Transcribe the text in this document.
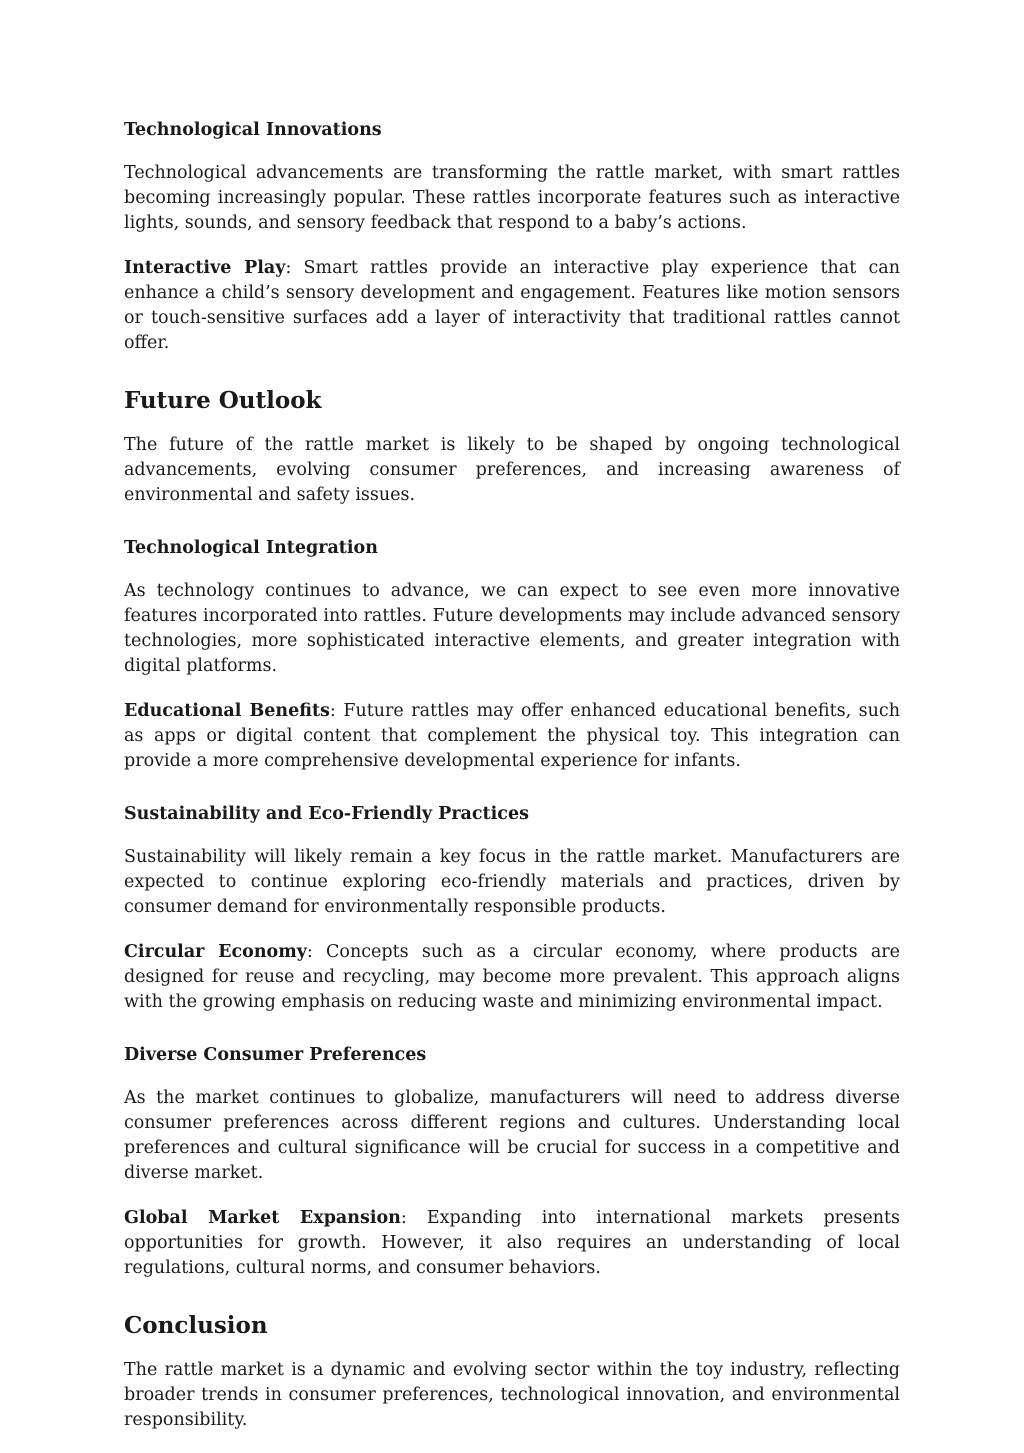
Technological Innovations

Technological advancements are transforming the rattle market, with smart rattles becoming increasingly popular. These rattles incorporate features such as interactive lights, sounds, and sensory feedback that respond to a baby’s actions.

Interactive Play: Smart rattles provide an interactive play experience that can enhance a child’s sensory development and engagement. Features like motion sensors or touch-sensitive surfaces add a layer of interactivity that traditional rattles cannot offer.

Future Outlook

The future of the rattle market is likely to be shaped by ongoing technological advancements, evolving consumer preferences, and increasing awareness of environmental and safety issues.

Technological Integration

As technology continues to advance, we can expect to see even more innovative features incorporated into rattles. Future developments may include advanced sensory technologies, more sophisticated interactive elements, and greater integration with digital platforms.

Educational Benefits: Future rattles may offer enhanced educational benefits, such as apps or digital content that complement the physical toy. This integration can provide a more comprehensive developmental experience for infants.

Sustainability and Eco-Friendly Practices

Sustainability will likely remain a key focus in the rattle market. Manufacturers are expected to continue exploring eco-friendly materials and practices, driven by consumer demand for environmentally responsible products.

Circular Economy: Concepts such as a circular economy, where products are designed for reuse and recycling, may become more prevalent. This approach aligns with the growing emphasis on reducing waste and minimizing environmental impact.

Diverse Consumer Preferences

As the market continues to globalize, manufacturers will need to address diverse consumer preferences across different regions and cultures. Understanding local preferences and cultural significance will be crucial for success in a competitive and diverse market.

Global Market Expansion: Expanding into international markets presents opportunities for growth. However, it also requires an understanding of local regulations, cultural norms, and consumer behaviors.

Conclusion

The rattle market is a dynamic and evolving sector within the toy industry, reflecting broader trends in consumer preferences, technological innovation, and environmental responsibility.
